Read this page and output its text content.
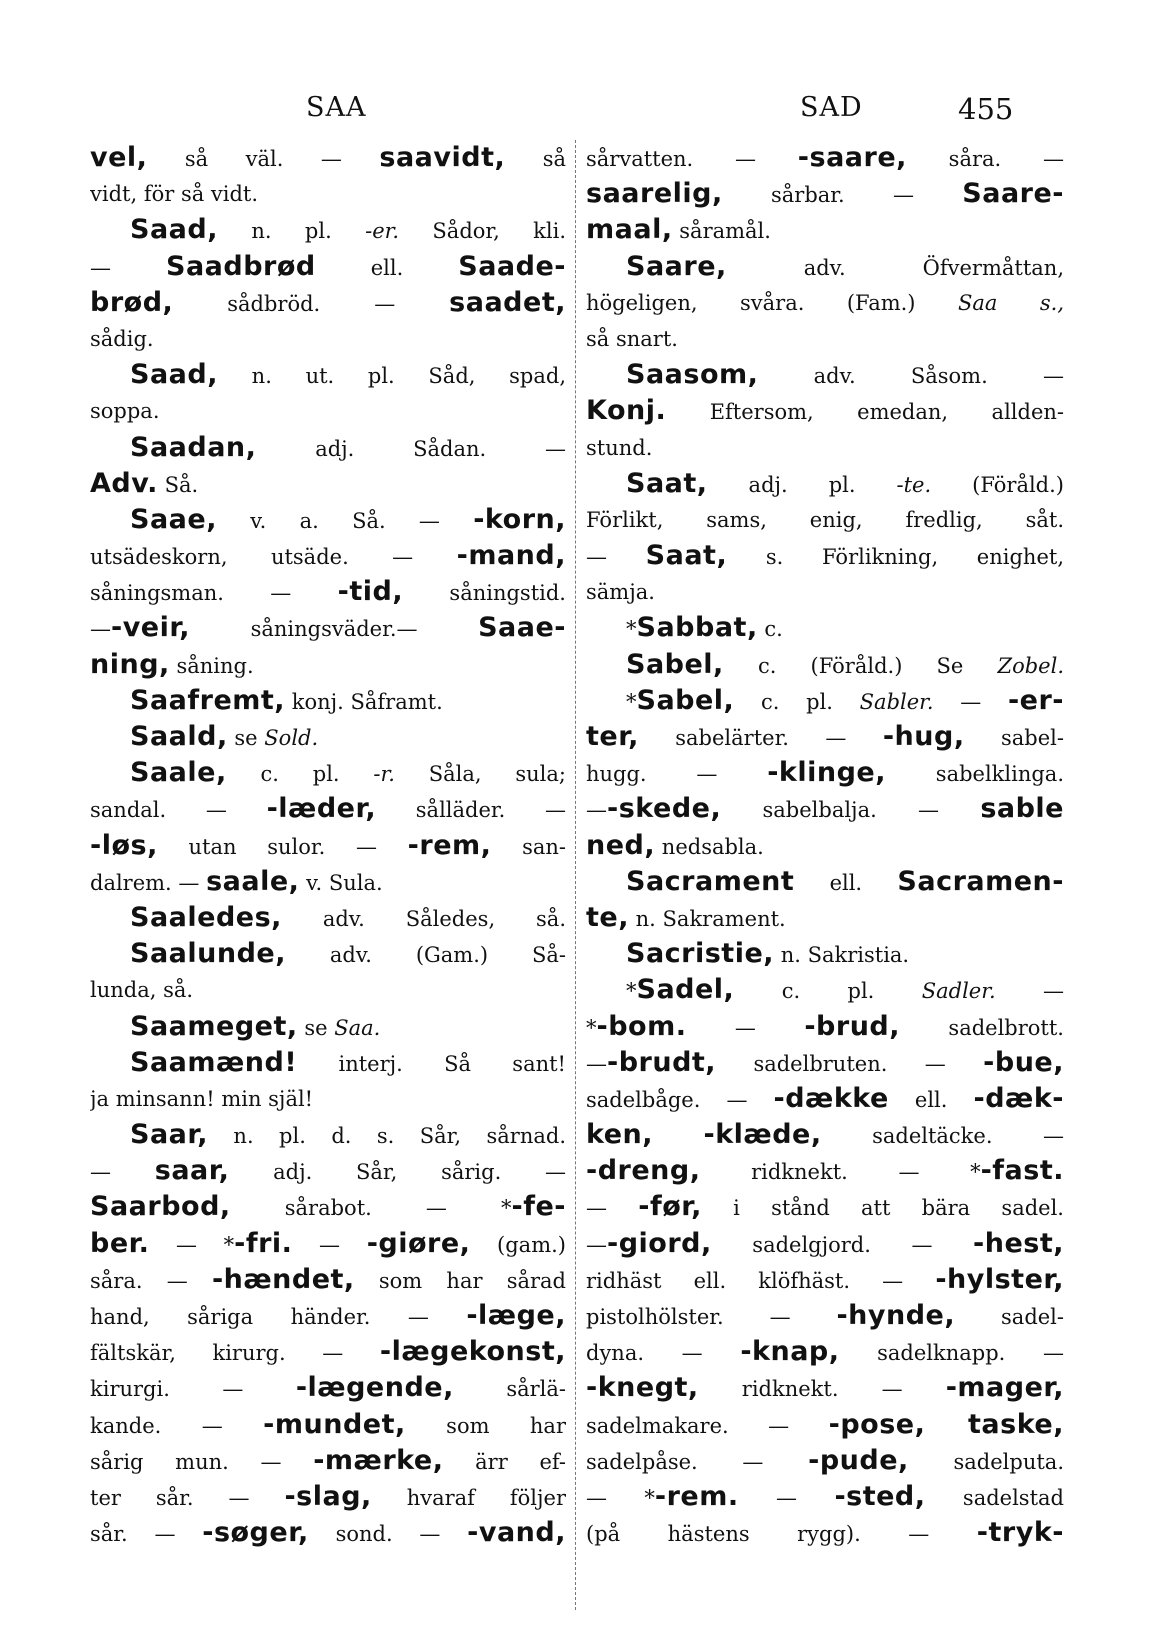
SAA	SAD	455
vel, så väl. — saavidt, så
vidt, för så vidt.
Saad, n. pl. -er. Sådor, kli.
— Saadbrød ell. Saade-
brød, sådbröd. — saadet,
sådig.
Saad, n. ut. pl. Såd, spad,
soppa.
Saadan, adj. Sådan. —
Adv. Så.
Saae, v. a. Så. — -korn,
utsädeskorn, utsäde. — -mand,
såningsman. — -tid, såningstid.
—-veir, såningsväder.— Saae-
ning, såning.
Saafremt, konj. Såframt.
Saald, se Sold.
Saale, c. pl. -r. Såla, sula;
sandal. — -læder, sålläder. —
-løs, utan sulor. — -rem, san-
dalrem. — saale, v. Sula.
Saaledes, adv. Således, så.
Saalunde, adv. (Gam.) Så-
lunda, så.
Saameget, se Saa.
Saamænd! interj. Så sant!
ja minsann! min själ!
Saar, n. pl. d. s. Sår, sårnad.
— saar, adj. Sår, sårig. —
Saarbod, sårabot. — *-fe-
ber. — *-fri. — -giøre, (gam.)
såra. — -hændet, som har sårad
hand, såriga händer. — -læge,
fältskär, kirurg. — -lægekonst,
kirurgi. — -lægende, sårlä-
kande. — -mundet, som har
sårig mun. — -mærke, ärr ef-
ter sår. — -slag, hvaraf följer
sår. — -søger, sond. — -vand,
sårvatten. — -saare, såra. —
saarelig, sårbar. — Saare-
maal, såramål.
Saare, adv. Öfvermåttan,
högeligen, svåra. (Fam.) Saa s.,
så snart.
Saasom, adv. Såsom. —
Konj. Eftersom, emedan, allden-
stund.
Saat, adj. pl. -te. (Föråld.)
Förlikt, sams, enig, fredlig, såt.
— Saat, s. Förlikning, enighet,
sämja.
*Sabbat, c.
Sabel, c. (Föråld.) Se Zobel.
*Sabel, c. pl. Sabler. — -er-
ter, sabelärter. — -hug, sabel-
hugg. — -klinge, sabelklinga.
—-skede, sabelbalja. — sable
ned, nedsabla.
Sacrament ell. Sacramen-
te, n. Sakrament.
Sacristie, n. Sakristia.
*Sadel, c. pl. Sadler. —
*-bom. — -brud, sadelbrott.
—-brudt, sadelbruten. — -bue,
sadelbåge. — -dække ell. -dæk-
ken, -klæde, sadeltäcke. —
-dreng, ridknekt. — *-fast.
— -før, i stånd att bära sadel.
—-giord, sadelgjord. — -hest,
ridhäst ell. klöfhäst. — -hylster,
pistolhölster. — -hynde, sadel-
dyna. — -knap, sadelknapp. —
-knegt, ridknekt. — -mager,
sadelmakare. — -pose, taske,
sadelpåse. — -pude, sadelputa.
— *-rem. — -sted, sadelstad
(på hästens rygg). — -tryk-
